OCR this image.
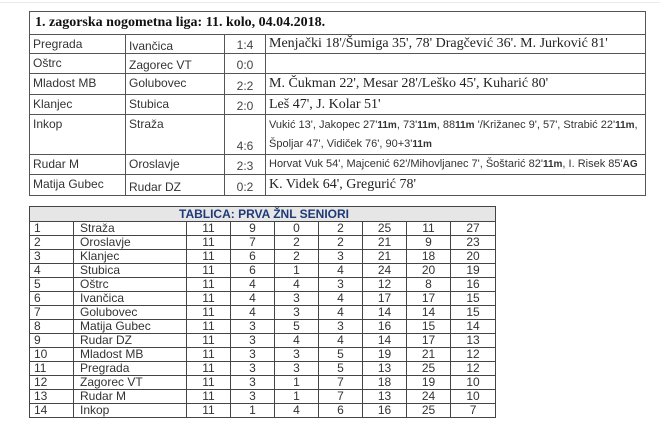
1. zagorska nogometna liga: 11. kolo, 04.04.2018.			
Pregrada	Ivančica	1:4	Menjački 18'/Šumiga 35', 78' Dragčević 36'. M. Jurković 81'
Oštrc	Zagorec VT	0:0	
Mladost MB	Golubovec	2:2	M. Čukman 22', Mesar 28'/Leško 45', Kuharić 80'
Klanjec	Stubica	2:0	Leš 47', J. Kolar 51'
Inkop	Straža	4:6	Vukić 13', Jakopec 27'11m, 73'11m, 8811m '/Križanec 9', 57', Strabić 22'11m,
Špoljar 47', Vidiček 76', 90+3'11m
Rudar M	Oroslavje	2:3	Horvat Vuk 54', Majcenić 62'/Mihovljanec 7', Šoštarić 82'11m, I. Risek 85'AG
Matija Gubec	Rudar DZ	0:2	K. Videk 64', Gregurić 78'
TABLICA: PRVA ŽNL SENIORI								
1	Straža	11	9	0	2	25	11	27
2	Oroslavje	11	7	2	2	21	9	23
3	Klanjec	11	6	2	3	21	18	20
4	Stubica	11	6	1	4	24	20	19
5	Oštrc	11	4	4	3	12	8	16
6	Ivančica	11	4	3	4	17	17	15
7	Golubovec	11	4	3	4	14	14	15
8	Matija Gubec	11	3	5	3	16	15	14
9	Rudar DZ	11	3	4	4	14	17	13
10	Mladost MB	11	3	3	5	19	21	12
11	Pregrada	11	3	3	5	13	25	12
12	Zagorec VT	11	3	1	7	18	19	10
13	Rudar M	11	3	1	7	13	24	10
14	Inkop	11	1	4	6	16	25	7
